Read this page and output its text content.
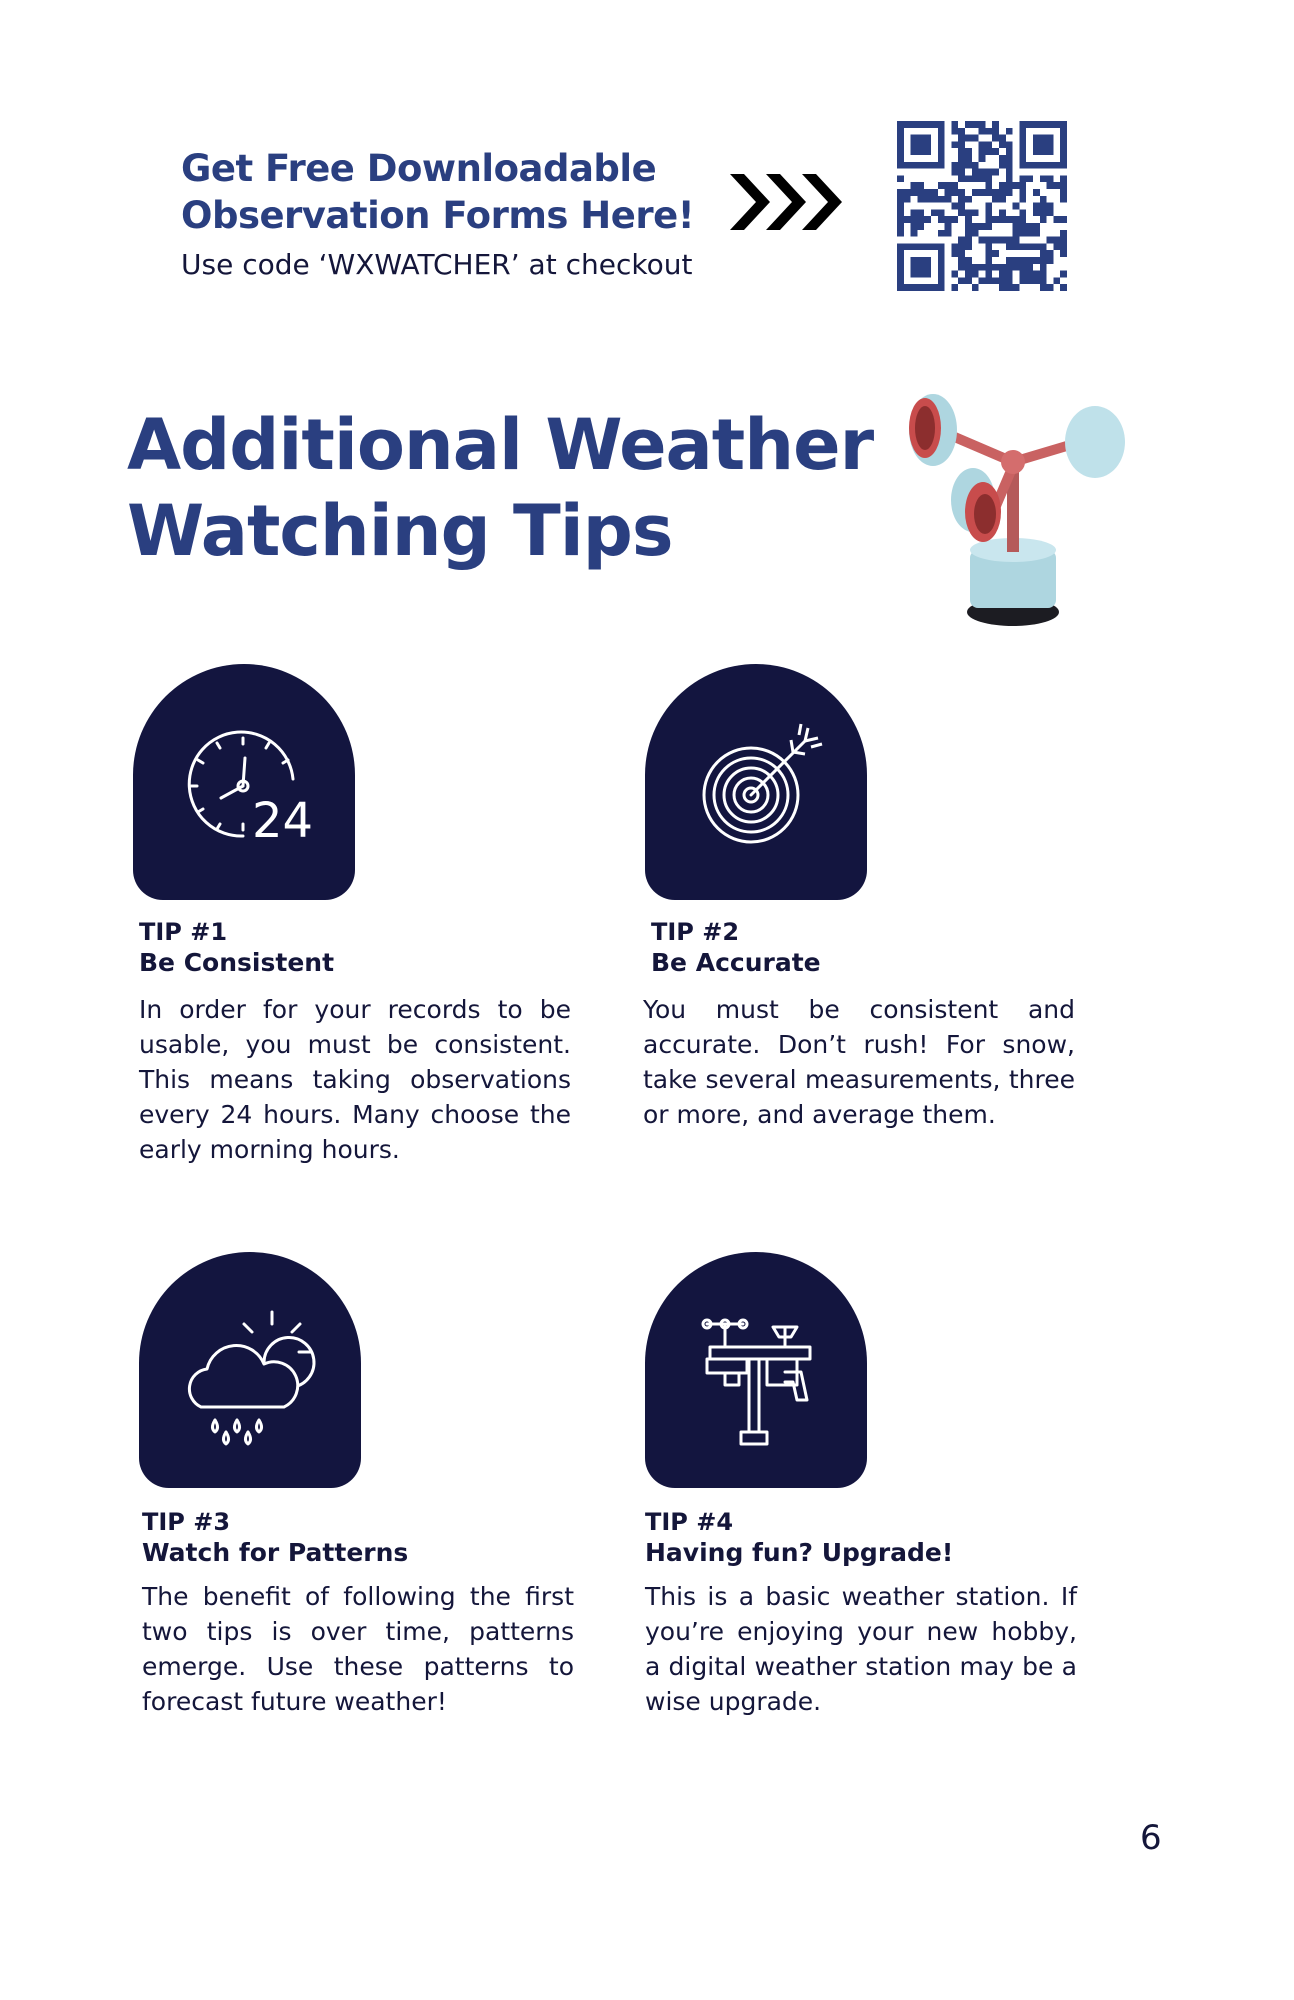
Get Free Downloadable Observation Forms Here!
Use code ‘WXWATCHER’ at checkout
Additional Weather Watching Tips
24
TIP #1
Be Consistent
In order for your records to be usable, you must be consistent. This means taking observations every 24 hours. Many choose the early morning hours.
TIP #2
Be Accurate
You must be consistent and accurate. Don’t rush! For snow, take several measurements, three or more, and average them.
TIP #3
Watch for Patterns
The benefit of following the first two tips is over time, patterns emerge. Use these patterns to forecast future weather!
TIP #4
Having fun? Upgrade!
This is a basic weather station. If you’re enjoying your new hobby, a digital weather station may be a wise upgrade.
6
